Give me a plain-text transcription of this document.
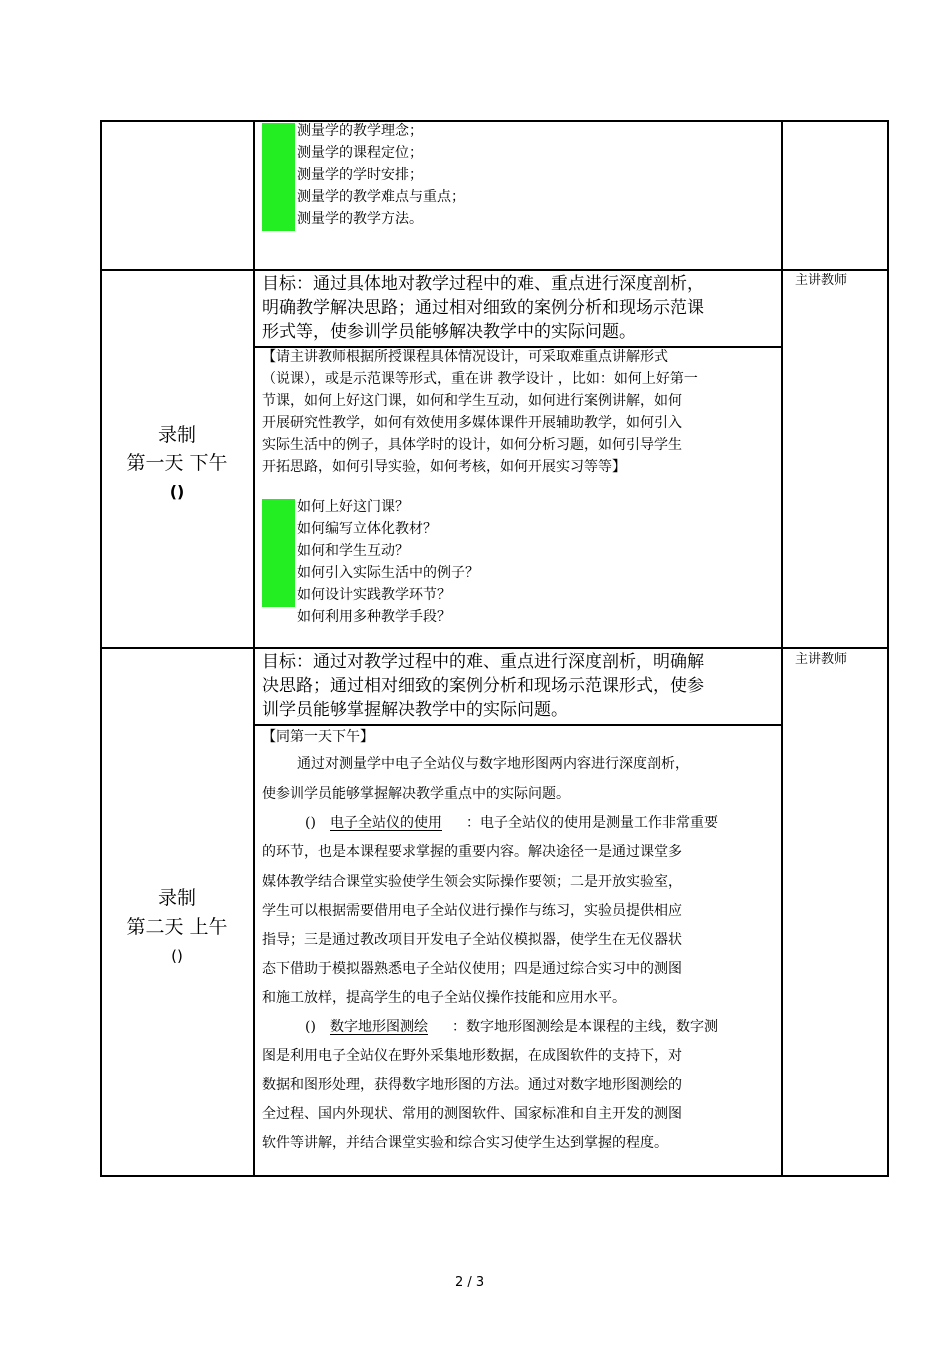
测量学的教学理念；
测量学的课程定位；
测量学的学时安排；
测量学的教学难点与重点；
测量学的教学方法。
录制
第一天 下午
()
主讲教师
目标：通过具体地对教学过程中的难、重点进行深度剖析，
明确教学解决思路；通过相对细致的案例分析和现场示范课
形式等，使参训学员能够解决教学中的实际问题。
【请主讲教师根据所授课程具体情况设计，可采取难重点讲解形式
（说课），或是示范课等形式，重在讲 教学设计 ，比如：如何上好第一
节课，如何上好这门课，如何和学生互动，如何进行案例讲解，如何
开展研究性教学，如何有效使用多媒体课件开展辅助教学，如何引入
实际生活中的例子，具体学时的设计，如何分析习题，如何引导学生
开拓思路，如何引导实验，如何考核，如何开展实习等等】
如何上好这门课？
如何编写立体化教材？
如何和学生互动？
如何引入实际生活中的例子？
如何设计实践教学环节？
如何利用多种教学手段？
录制
第二天 上午
()
主讲教师
目标：通过对教学过程中的难、重点进行深度剖析，明确解
决思路；通过相对细致的案例分析和现场示范课形式，使参
训学员能够掌握解决教学中的实际问题。
【同第一天下午】
通过对测量学中电子全站仪与数字地形图两内容进行深度剖析，
使参训学员能够掌握解决教学重点中的实际问题。
() 电子全站仪的使用 ：电子全站仪的使用是测量工作非常重要
的环节，也是本课程要求掌握的重要内容。解决途径一是通过课堂多
媒体教学结合课堂实验使学生领会实际操作要领；二是开放实验室，
学生可以根据需要借用电子全站仪进行操作与练习，实验员提供相应
指导；三是通过教改项目开发电子全站仪模拟器，使学生在无仪器状
态下借助于模拟器熟悉电子全站仪使用；四是通过综合实习中的测图
和施工放样，提高学生的电子全站仪操作技能和应用水平。
() 数字地形图测绘 ：数字地形图测绘是本课程的主线，数字测
图是利用电子全站仪在野外采集地形数据，在成图软件的支持下，对
数据和图形处理，获得数字地形图的方法。通过对数字地形图测绘的
全过程、国内外现状、常用的测图软件、国家标准和自主开发的测图
软件等讲解，并结合课堂实验和综合实习使学生达到掌握的程度。
2 / 3
